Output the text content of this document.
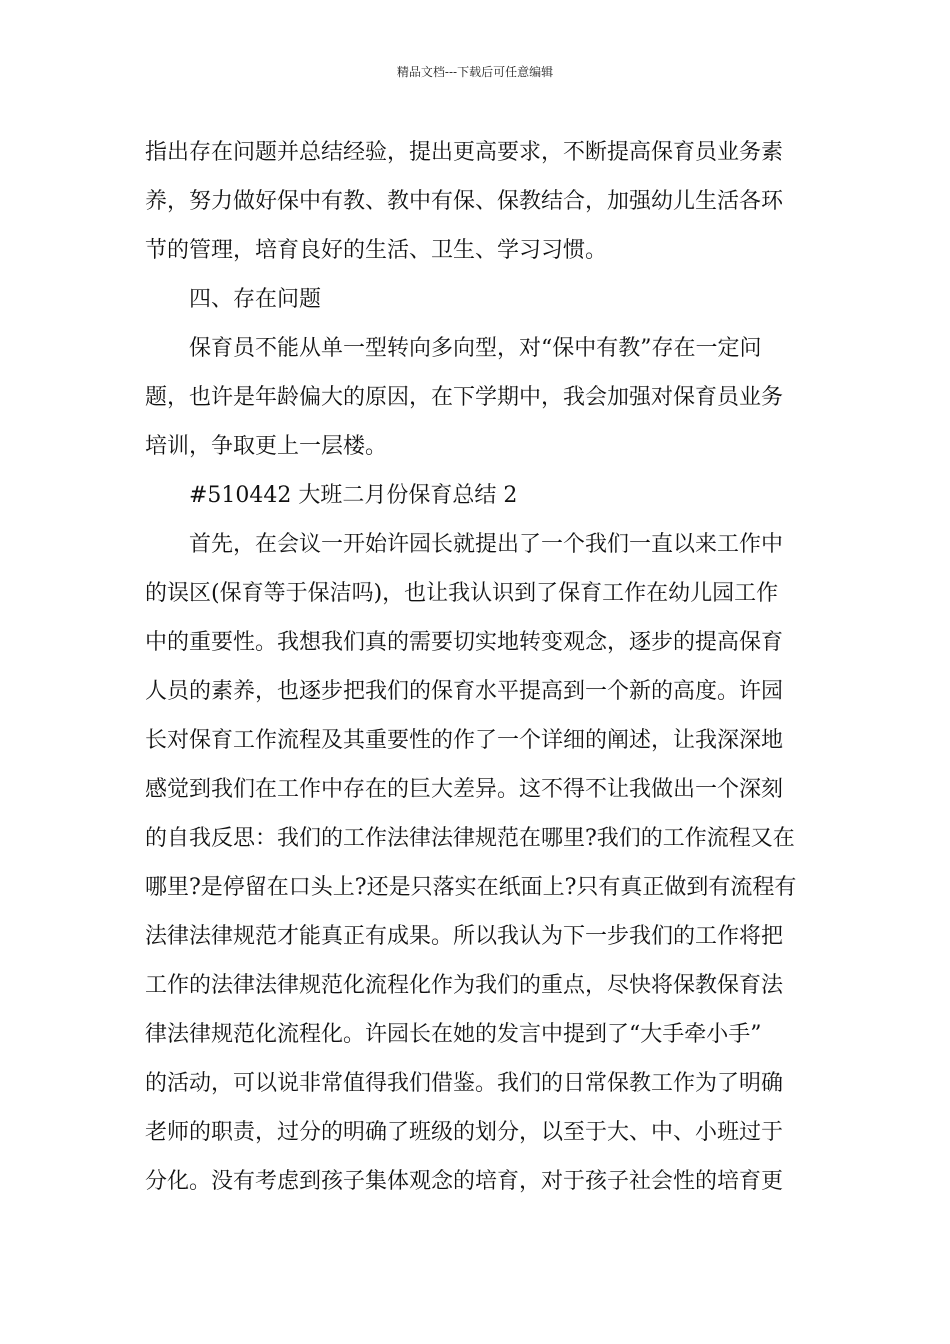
精品文档---下载后可任意编辑
指出存在问题并总结经验，提出更高要求，不断提高保育员业务素
养，努力做好保中有教、教中有保、保教结合，加强幼儿生活各环
节的管理，培育良好的生活、卫生、学习习惯。
四、存在问题
保育员不能从单一型转向多向型，对“保中有教”存在一定问
题，也许是年龄偏大的原因，在下学期中，我会加强对保育员业务
培训，争取更上一层楼。
#510442 大班二月份保育总结 2
首先，在会议一开始许园长就提出了一个我们一直以来工作中
的误区(保育等于保洁吗)，也让我认识到了保育工作在幼儿园工作
中的重要性。我想我们真的需要切实地转变观念，逐步的提高保育
人员的素养，也逐步把我们的保育水平提高到一个新的高度。许园
长对保育工作流程及其重要性的作了一个详细的阐述，让我深深地
感觉到我们在工作中存在的巨大差异。这不得不让我做出一个深刻
的自我反思：我们的工作法律法律规范在哪里?我们的工作流程又在
哪里?是停留在口头上?还是只落实在纸面上?只有真正做到有流程有
法律法律规范才能真正有成果。所以我认为下一步我们的工作将把
工作的法律法律规范化流程化作为我们的重点，尽快将保教保育法
律法律规范化流程化。许园长在她的发言中提到了“大手牵小手”
的活动，可以说非常值得我们借鉴。我们的日常保教工作为了明确
老师的职责，过分的明确了班级的划分，以至于大、中、小班过于
分化。没有考虑到孩子集体观念的培育，对于孩子社会性的培育更
